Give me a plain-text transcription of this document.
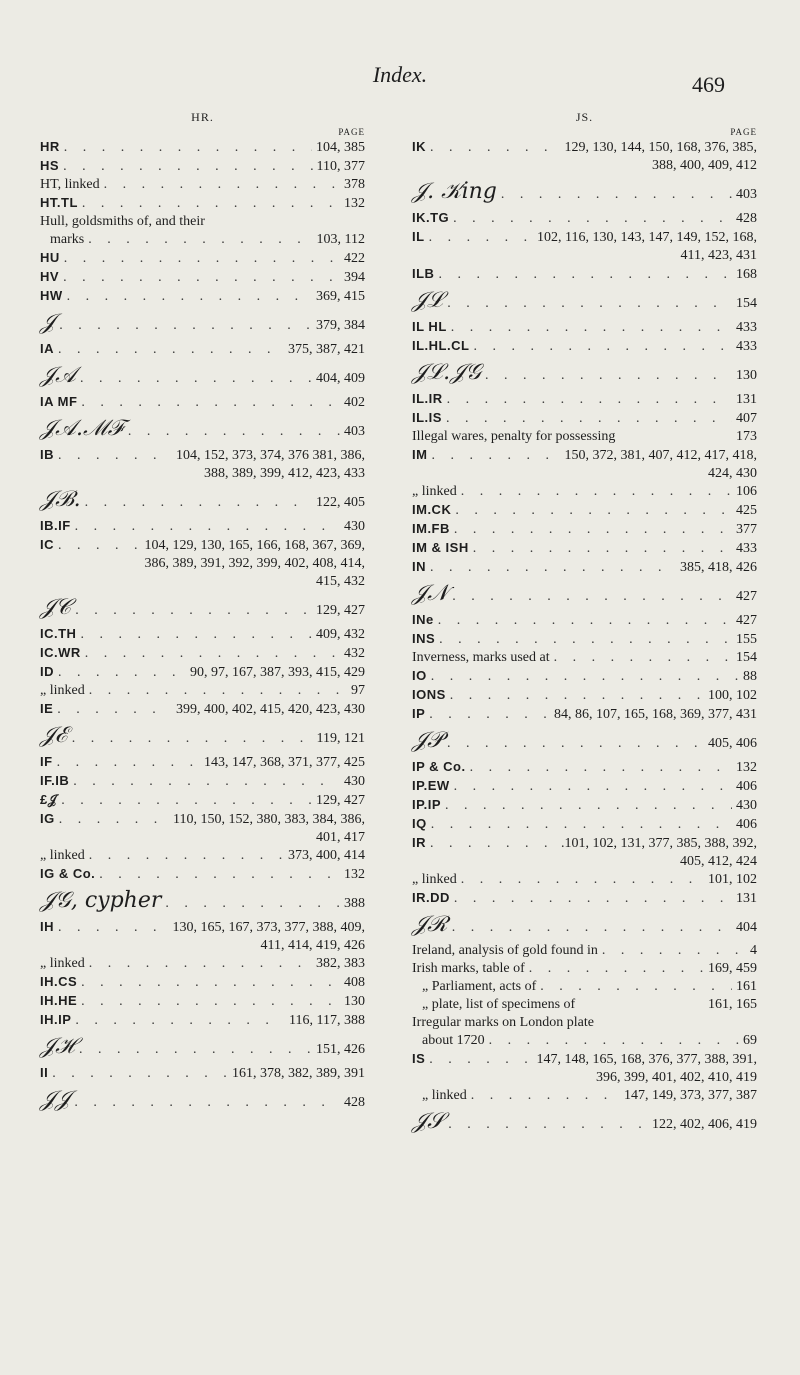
Index.	469
HR.
PAGE
HR . . .	104, 385
HS . . .	110, 377
HT, linked . . .	378
HT.TL . . .	132
Hull, goldsmiths of, and their
marks . . .	103, 112
HU . . .	422
HV . . .	394
HW . . .	369, 415
𝒥 . . .	379, 384
IA . . .	375, 387, 421
𝒥𝒜 . . .	404, 409
IA MF . . .	402
𝒥𝒜.ℳℱ . . .	403
IB . . .	104, 152, 373, 374, 376 381, 386,
388, 389, 399, 412, 423, 433
𝒥ℬ. . . .	122, 405
IB.IF . . .	430
IC . . .	104, 129, 130, 165, 166, 168, 367, 369,
386, 389, 391, 392, 399, 402, 408, 414,
415, 432
𝒥𝒞 . . .	129, 427
IC.TH . . .	409, 432
IC.WR . . .	432
ID . . .	90, 97, 167, 387, 393, 415, 429
„ linked . . .	97
IE . . .	399, 400, 402, 415, 420, 423, 430
𝒥ℰ . . .	119, 121
IF . . .	143, 147, 368, 371, 377, 425
IF.IB . . .	430
£𝒥 . . .	129, 427
IG . . .	110, 150, 152, 380, 383, 384, 386,
401, 417
„ linked . . .	373, 400, 414
IG & Co. . . .	132
𝒥𝒢, cypher . . .	388
IH . . .	130, 165, 167, 373, 377, 388, 409,
411, 414, 419, 426
„ linked . . .	382, 383
IH.CS . . .	408
IH.HE . . .	130
IH.IP . . .	116, 117, 388
𝒥ℋ . . .	151, 426
II . . .	161, 378, 382, 389, 391
𝒥𝒥 . . .	428
JS.
PAGE
IK . . .	129, 130, 144, 150, 168, 376, 385,
388, 400, 409, 412
𝒥. 𝒦ing . . .	403
IK.TG . . .	428
IL . . .	102, 116, 130, 143, 147, 149, 152, 168,
411, 423, 431
ILB . . .	168
𝒥ℒ . . .	154
IL HL . . .	433
IL.HL.CL . . .	433
𝒥ℒ.𝒥𝒢 . . .	130
IL.IR . . .	131
IL.IS . . .	407
Illegal wares, penalty for possessing	173
IM . . .	150, 372, 381, 407, 412, 417, 418,
424, 430
„ linked . . .	106
IM.CK . . .	425
IM.FB . . .	377
IM & ISH . . .	433
IN . . .	385, 418, 426
𝒥𝒩 . . .	427
INe . . .	427
INS . . .	155
Inverness, marks used at . . .	154
IO . . .	88
IONS . . .	100, 102
IP . . .	84, 86, 107, 165, 168, 369, 377, 431
𝒥𝒫 . . .	405, 406
IP & Co. . . .	132
IP.EW . . .	406
IP.IP . . .	430
IQ . . .	406
IR . . .	.101, 102, 131, 377, 385, 388, 392,
405, 412, 424
„ linked . . .	101, 102
IR.DD . . .	131
𝒥ℛ . . .	404
Ireland, analysis of gold found in . . .	4
Irish marks, table of . . .	169, 459
„ Parliament, acts of . . .	161
„ plate, list of specimens of	161, 165
Irregular marks on London plate
about 1720 . . .	69
IS . . .	147, 148, 165, 168, 376, 377, 388, 391,
396, 399, 401, 402, 410, 419
„ linked . . .	147, 149, 373, 377, 387
𝒥𝒮 . . .	122, 402, 406, 419
